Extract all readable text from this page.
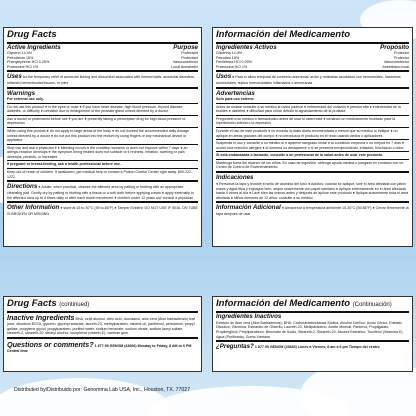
Drug Facts
Active Ingredients	Purpose
Glycerin 14.4%	Protectant
Petrolatum 15%	Protectant
Phenylephrine HCl 0.25%	Vasoconstrictor
Pramoxine HCl 1%	Local Anesthetic
Uses for the temporary relief of anorectal itching and discomfort associated with hemorrhoids, anorectal disorders, inflamed hemorrhoidal tissues, or piles
Warnings
For external use only.
Do not use this product ● in the eyes or nose ● if you have heart disease, high blood pressure, thyroid disease, diabetes, or difficulty in urination due to enlargement of the prostate gland unless directed by a doctor
Ask a doctor or pharmacist before use if you are ● presently taking a prescription drug for high blood pressure or depression
When using this product ● do not apply to large areas of the body ● do not exceed the recommended daily dosage unless directed by a doctor ● do not put this product into the rectum by using fingers or any mechanical device or applicator
Stop use and ask a physician if ● bleeding occurs ● the condition worsens or does not improve within 7 days ● an allergic reaction develops ● the symptom being treated does not subside or if redness, irritation, swelling or pain develops, persists, or increases
If pregnant or breast-feeding, ask a health professional before use.
Keep out of reach of children. If swallowed, get medical help or contact a Poison Control Center right away. 800-222-1222.
Directions ● Adults: when practical, cleanse the affected area by patting or blotting with an appropriate cleansing pad. Gently dry by patting or blotting with a tissue or a soft cloth before applying cream ● apply externally to the affected area up to 4 times daily or after each bowel movement ● children under 12 years old: consult a physician
Other Information ● store at 15 to 30°C (59 to 86°F) ● Tamper Evident: DO NOT USE IF SEAL ON TUBE IS BROKEN OR MISSING
Información del Medicamento
Ingredientes Activos	Propósito
Glicerina 14.4%	Protector
Petrolato 15%	Protector
Fenilefrina HCl 0.25%	Vasoconstrictor
Pramoxina HCl 1%	Anestésico local
Usos ● Para el alivio temporal de comezón anorrectal, ardor y molestias asociados con hemorroides, trastornos anorrectales, tejidos hemorroidales inflamados o almorranas
Advertencias
Solo para uso externo
Antes de usarse consulte a su médico si usted padece ● enfermedad del corazón ● presión alta ● enfermedad de la tiroides ● diabetes ● dificultad para orinar debido al agrandamiento de la próstata
Pregúntele a su médico o farmacéutico antes de usar si usted está ● tomando un medicamento recetado para la hipertensión arterial o la depresión
Durante el uso de este producto ● no exceda la dosis diaria recomendada a menos que su médico lo indique ● no aplique en áreas grandes del cuerpo ● no introduzca el producto en el recto usando dedos o aplicadores
Suspenda el uso y consulte a su médico si ● aparece sangrado rectal ● la condición empeora o no mejora en 7 días ● ocurre una reacción alérgica ● el síntoma no desaparece o si se presenta enrojecimiento, irritación, hinchazón o dolor
Si está embarazada o lactando, consulte a un profesional de la salud antes de usar este producto.
Mantenga fuera del alcance de los niños. En caso de ingestión, obtenga ayuda médica o póngase en contacto con un Centro de Control de Envenenamiento.
Indicaciones
● Remueva la tapa y levante el sello de aluminio del tubo ● Adultos: cuando se aplique, lave el área afectada con jabón suave y agua tibia y enjuague bien, seque suavemente con papel sanitario ● Aplique externamente en el área afectada hasta 4 veces al día ● Lave bien las manos antes y después de aplicar este producto ● Aplique suavemente toda el área afectada ● Niños menores de 12 años: consulte a su médico
Información Adicional ● Almacenar a temperatura ambiente 15-30°C (59-86°F) ● Cerrar firmemente la tapa después de usar
Drug Facts (continued)
Inactive Ingredients BHA, cetyl alcohol, citric acid, docosanol, aloe vera (Aloe barbadensis) leaf juice, disodium EDTA, glycerin, glyceryl stearate, laureth-23, methylparaben, mineral oil, panthenol, petrolatum, propyl gallate, propylene glycol, propylparaben, purified water, sodium benzoate, sodium citrate, sodium lauryl sulfate, steareth-2, steareth-20, stearyl alcohol, tocopherol (vitamin E), xanthan gum
Questions or comments? 1 877 99 GENOM (43666) Monday to Friday, 8 AM to 6 PM Central time
Información del Medicamento (Continuación)
Ingredientes Inactivos
Extracto de Aloe vera (Aloe Barbadensis), BHA, Carboximetilcelulosa Sódica, Alcohol Cetílico, Ácido Cítrico, Edetato Disódico, Glicerina, Estearato de Glicerilo, Laureth-23, Metilparabeno, Aceite Mineral, Pantenol, Propilgalato, Propilenglicol, Propilparabeno, Benzoato de Sodio, Steareth-2, Steareth-20, Alcohol Esteárico, Tocoferol (Vitamina E), Agua (Purificada), Goma Xantana
¿Preguntas? 1 877 99 GENOM (43666) Lunes a Viernes, 8 am a 6 pm Tiempo del centro
Distributed by/Distribuido por: Genomma Lab USA, Inc., Houston, TX. 77027
